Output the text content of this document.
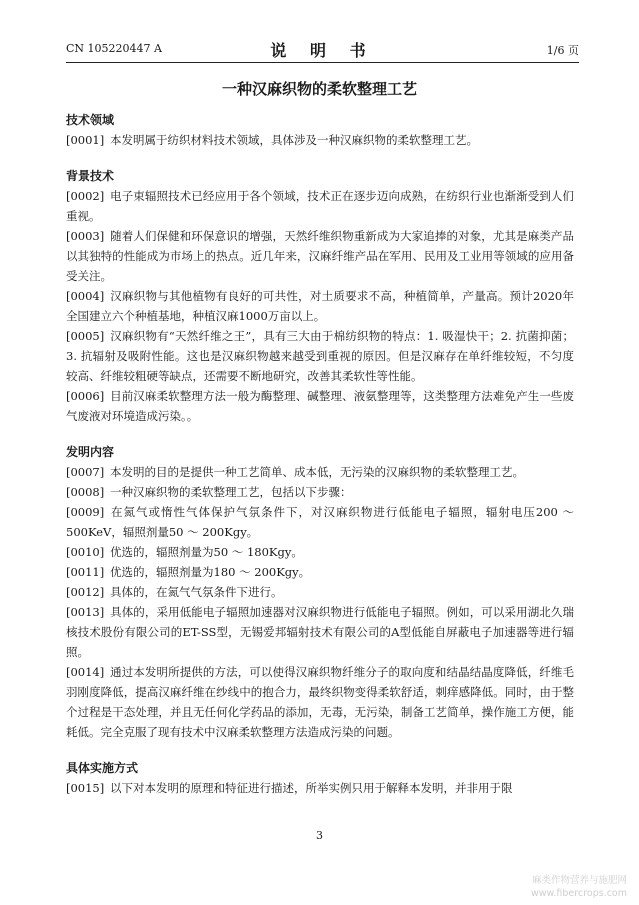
CN 105220447 A	说 明 书	1/6 页
一种汉麻织物的柔软整理工艺
技术领域
[0001] 本发明属于纺织材料技术领域，具体涉及一种汉麻织物的柔软整理工艺。
背景技术
[0002] 电子束辐照技术已经应用于各个领域，技术正在逐步迈向成熟，在纺织行业也渐渐受到人们重视。
[0003] 随着人们保健和环保意识的增强，天然纤维织物重新成为大家追捧的对象，尤其是麻类产品以其独特的性能成为市场上的热点。近几年来，汉麻纤维产品在军用、民用及工业用等领域的应用备受关注。
[0004] 汉麻织物与其他植物有良好的可共性，对土质要求不高，种植简单，产量高。预计2020年全国建立六个种植基地，种植汉麻1000万亩以上。
[0005] 汉麻织物有“天然纤维之王”，具有三大由于棉纺织物的特点：1. 吸湿快干；2. 抗菌抑菌；3. 抗辐射及吸附性能。这也是汉麻织物越来越受到重视的原因。但是汉麻存在单纤维较短，不匀度较高、纤维较粗硬等缺点，还需要不断地研究，改善其柔软性等性能。
[0006] 目前汉麻柔软整理方法一般为酶整理、碱整理、液氨整理等，这类整理方法难免产生一些废气废液对环境造成污染。。
发明内容
[0007] 本发明的目的是提供一种工艺简单、成本低，无污染的汉麻织物的柔软整理工艺。
[0008] 一种汉麻织物的柔软整理工艺，包括以下步骤：
[0009] 在氮气或惰性气体保护气氛条件下，对汉麻织物进行低能电子辐照，辐射电压200 ～ 500KeV，辐照剂量50 ～ 200Kgy。
[0010] 优选的，辐照剂量为50 ～ 180Kgy。
[0011] 优选的，辐照剂量为180 ～ 200Kgy。
[0012] 具体的，在氮气气氛条件下进行。
[0013] 具体的，采用低能电子辐照加速器对汉麻织物进行低能电子辐照。例如，可以采用湖北久瑞核技术股份有限公司的ET-SS型，无锡爱邦辐射技术有限公司的A型低能自屏蔽电子加速器等进行辐照。
[0014] 通过本发明所提供的方法，可以使得汉麻织物纤维分子的取向度和结晶结晶度降低，纤维毛羽刚度降低，提高汉麻纤维在纱线中的抱合力，最终织物变得柔软舒适，刺痒感降低。同时，由于整个过程是干态处理，并且无任何化学药品的添加，无毒，无污染，制备工艺简单，操作施工方便，能耗低。完全克服了现有技术中汉麻柔软整理方法造成污染的问题。
具体实施方式
[0015] 以下对本发明的原理和特征进行描述，所举实例只用于解释本发明，并非用于限
3
麻类作物营养与施肥网
www.fibercrops.com
